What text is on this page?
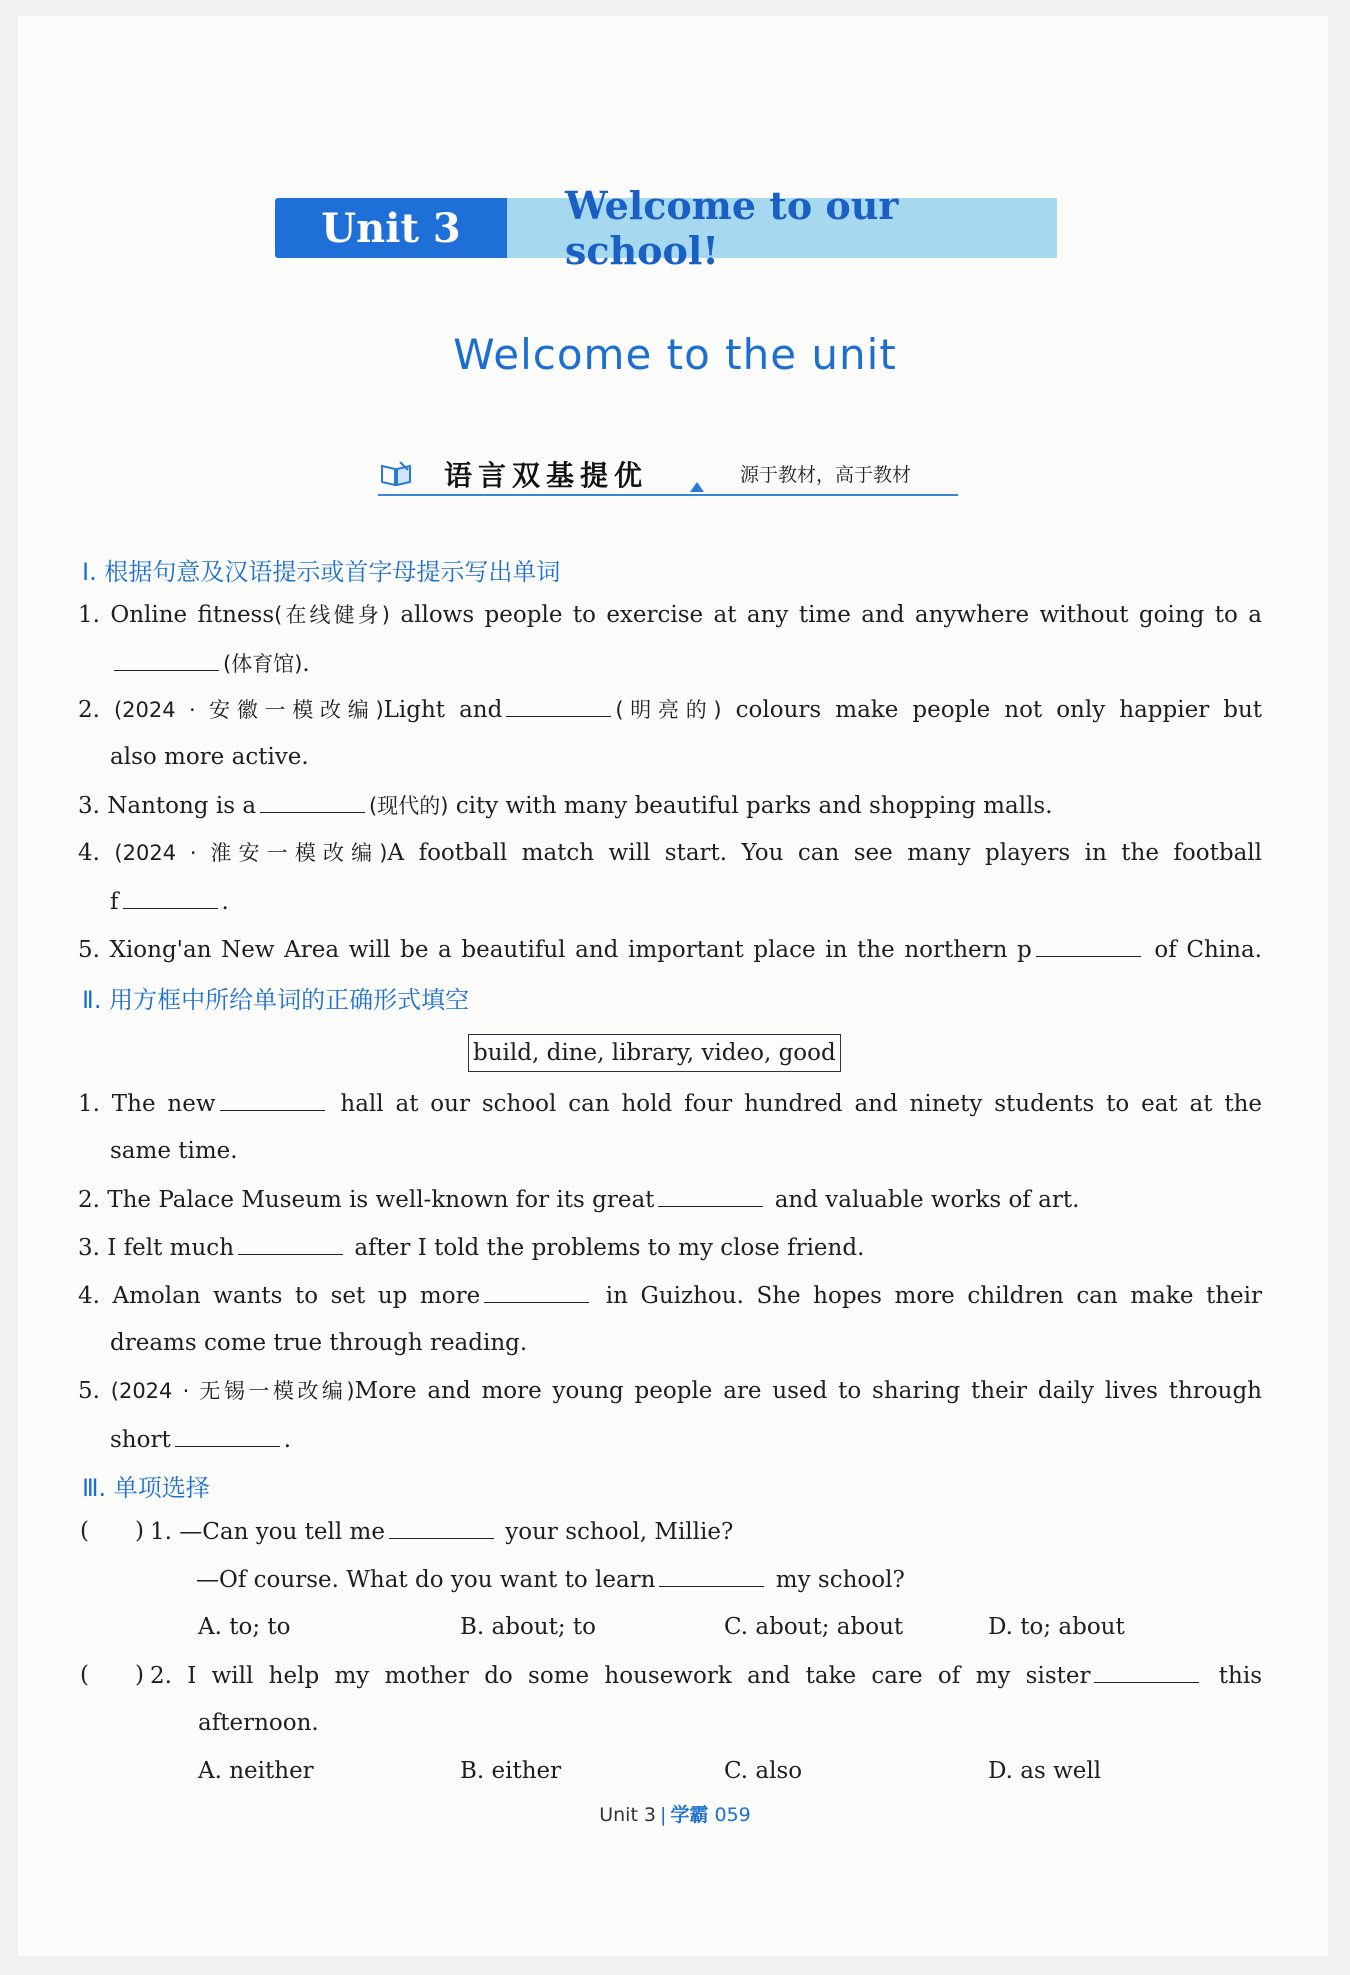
Unit 3	Welcome to our school!
Welcome to the unit
语言双基提优	源于教材，高于教材
Ⅰ. 根据句意及汉语提示或首字母提示写出单词
1. Online fitness(在线健身) allows people to exercise at any time and anywhere without going to a
(体育馆).
2. (2024 · 安徽一模改编)Light and	(明亮的) colours make people not only happier but
also more active.
3. Nantong is a	(现代的) city with many beautiful parks and shopping malls.
4. (2024 · 淮安一模改编)A football match will start. You can see many players in the football
f	.
5. Xiong'an New Area will be a beautiful and important place in the northern p	of China.
Ⅱ. 用方框中所给单词的正确形式填空
build, dine, library, video, good
1. The new	hall at our school can hold four hundred and ninety students to eat at the
same time.
2. The Palace Museum is well-known for its great	and valuable works of art.
3. I felt much	after I told the problems to my close friend.
4. Amolan wants to set up more	in Guizhou. She hopes more children can make their
dreams come true through reading.
5. (2024 · 无锡一模改编)More and more young people are used to sharing their daily lives through
short	.
Ⅲ. 单项选择
(　　) 1. —Can you tell me	your school, Millie?
—Of course. What do you want to learn	my school?
A. to; to	B. about; to	C. about; about	D. to; about
(　　) 2. I will help my mother do some housework and take care of my sister	this
afternoon.
A. neither	B. either	C. also	D. as well
Unit 3 | 学霸 059
